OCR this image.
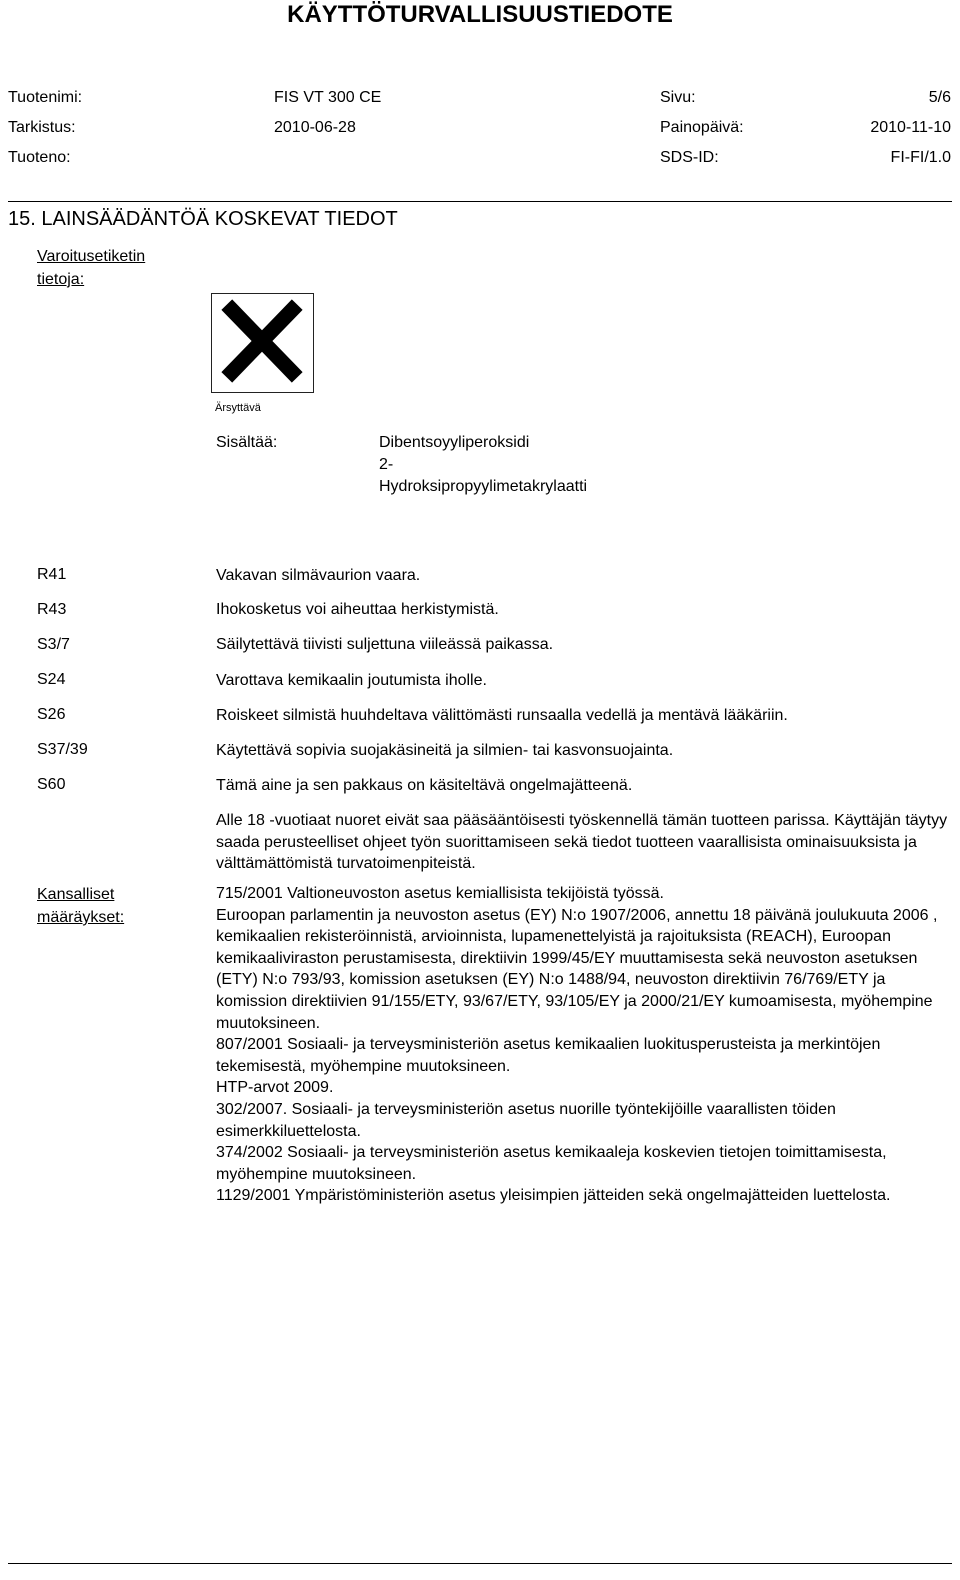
KÄYTTÖTURVALLISUUSTIEDOTE
Tuotenimi:	FIS VT 300 CE	Sivu:	5/6
Tarkistus:	2010-06-28	Painopäivä:	2010-11-10
Tuoteno:	SDS-ID:	FI-FI/1.0
15. LAINSÄÄDÄNTÖÄ KOSKEVAT TIEDOT
Varoitusetiketin
tietoja:
Ärsyttävä
Sisältää:	Dibentsoyyliperoksidi
2-
Hydroksipropyylimetakrylaatti
R41	Vakavan silmävaurion vaara.
R43	Ihokosketus voi aiheuttaa herkistymistä.
S3/7	Säilytettävä tiivisti suljettuna viileässä paikassa.
S24	Varottava kemikaalin joutumista iholle.
S26	Roiskeet silmistä huuhdeltava välittömästi runsaalla vedellä ja mentävä lääkäriin.
S37/39	Käytettävä sopivia suojakäsineitä ja silmien- tai kasvonsuojainta.
S60	Tämä aine ja sen pakkaus on käsiteltävä ongelmajätteenä.
Alle 18 -vuotiaat nuoret eivät saa pääsääntöisesti työskennellä tämän tuotteen parissa. Käyttäjän täytyy saada perusteelliset ohjeet työn suorittamiseen sekä tiedot tuotteen vaarallisista ominaisuuksista ja välttämättömistä turvatoimenpiteistä.
Kansalliset
määräykset:

715/2001 Valtioneuvoston asetus kemiallisista tekijöistä työssä.

Euroopan parlamentin ja neuvoston asetus (EY) N:o 1907/2006, annettu 18 päivänä joulukuuta 2006 , kemikaalien rekisteröinnistä, arvioinnista, lupamenettelyistä ja rajoituksista (REACH), Euroopan kemikaaliviraston perustamisesta, direktiivin 1999/45/EY muuttamisesta sekä neuvoston asetuksen (ETY) N:o 793/93, komission asetuksen (EY) N:o 1488/94, neuvoston direktiivin 76/769/ETY ja komission direktiivien 91/155/ETY, 93/67/ETY, 93/105/EY ja 2000/21/EY kumoamisesta, myöhempine muutoksineen.

807/2001 Sosiaali- ja terveysministeriön asetus kemikaalien luokitusperusteista ja merkintöjen tekemisestä, myöhempine muutoksineen.

HTP-arvot 2009.

302/2007. Sosiaali- ja terveysministeriön asetus nuorille työntekijöille vaarallisten töiden esimerkkiluettelosta.

374/2002 Sosiaali- ja terveysministeriön asetus kemikaaleja koskevien tietojen toimittamisesta, myöhempine muutoksineen.

1129/2001 Ympäristöministeriön asetus yleisimpien jätteiden sekä ongelmajätteiden luettelosta.
